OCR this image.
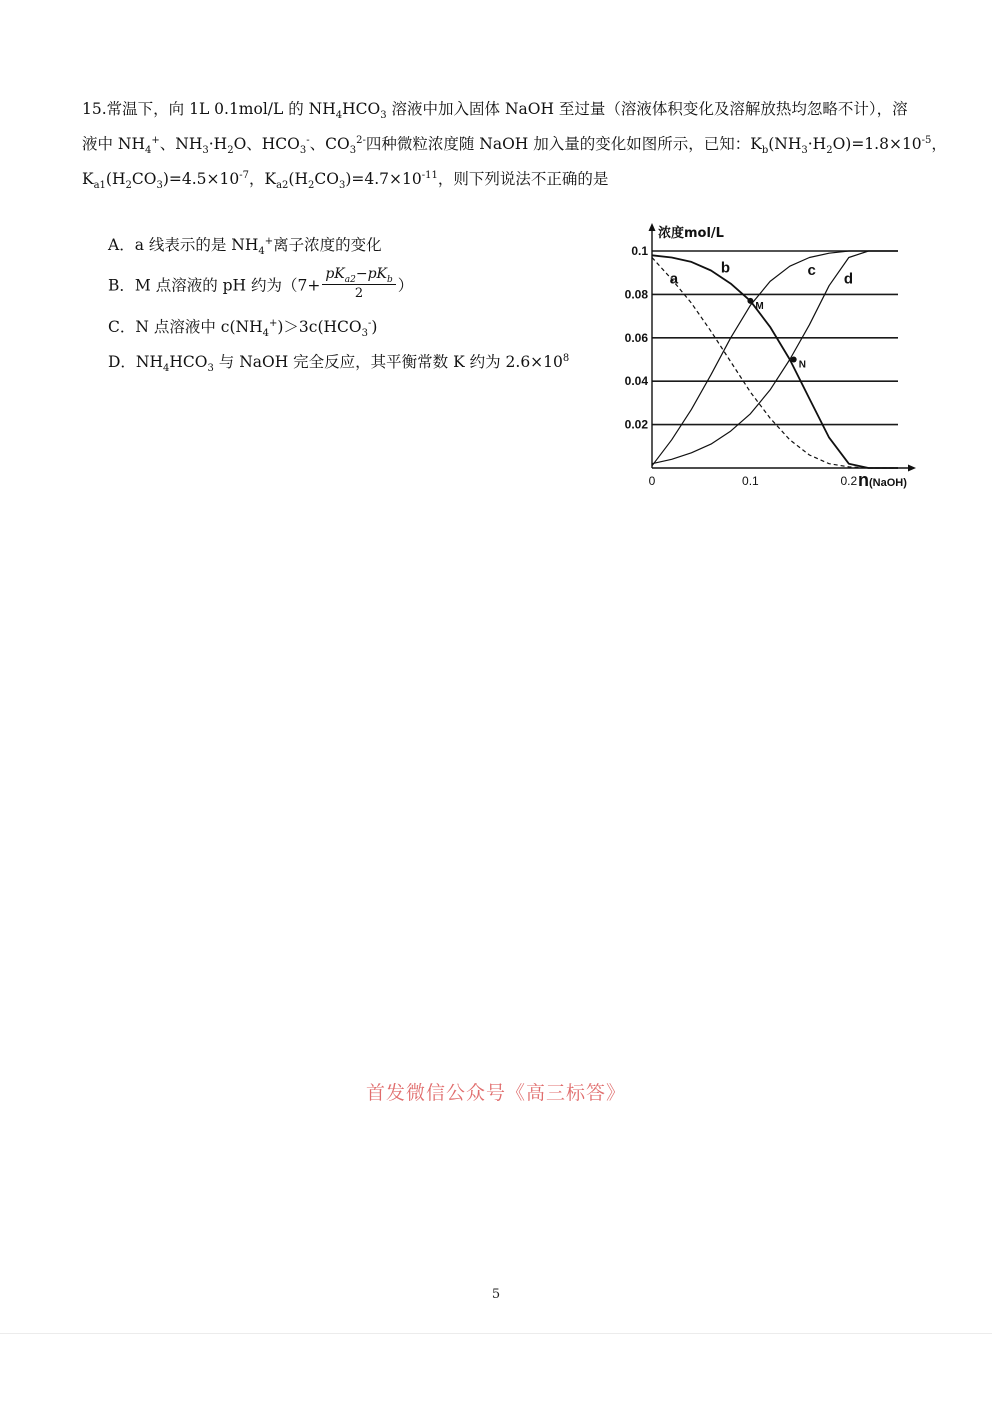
15.常温下，向 1L 0.1mol/L 的 $NH_4HCO_3$ 溶液中加入固体 NaOH 至过量（溶液体积变化及溶解放热均忽略不计），溶
液中 $NH_4^+$、$NH_3\cdot H_2O$、$HCO_3^-$、$CO_3^{2-}$四种微粒浓度随 NaOH 加入量的变化如图所示，已知：$K_b(NH_3\cdot H_2O)=1.8\times 10^{-5}$，
$K_{a1}(H_2CO_3)=4.5\times 10^{-7}$，$K_{a2}(H_2CO_3)=4.7\times 10^{-11}$，则下列说法不正确的是
A．a 线表示的是 $NH_4^+$离子浓度的变化
B．M 点溶液的 pH 约为（$7+ \frac{pK_{a2}-pK_b}{2}$ ）
C．N 点溶液中 $c(NH_4^+)>3c(HCO_3^-)$
D．$NH_4HCO_3$ 与 NaOH 完全反应，其平衡常数 K 约为 $2.6\times 10^8$
0.1
0.08
0.06
0.04
0.02
0	0.1	0.2
浓度mol/L
n(NaOH)
a
b	c
d
M
N
首发微信公众号《高三标答》
5
